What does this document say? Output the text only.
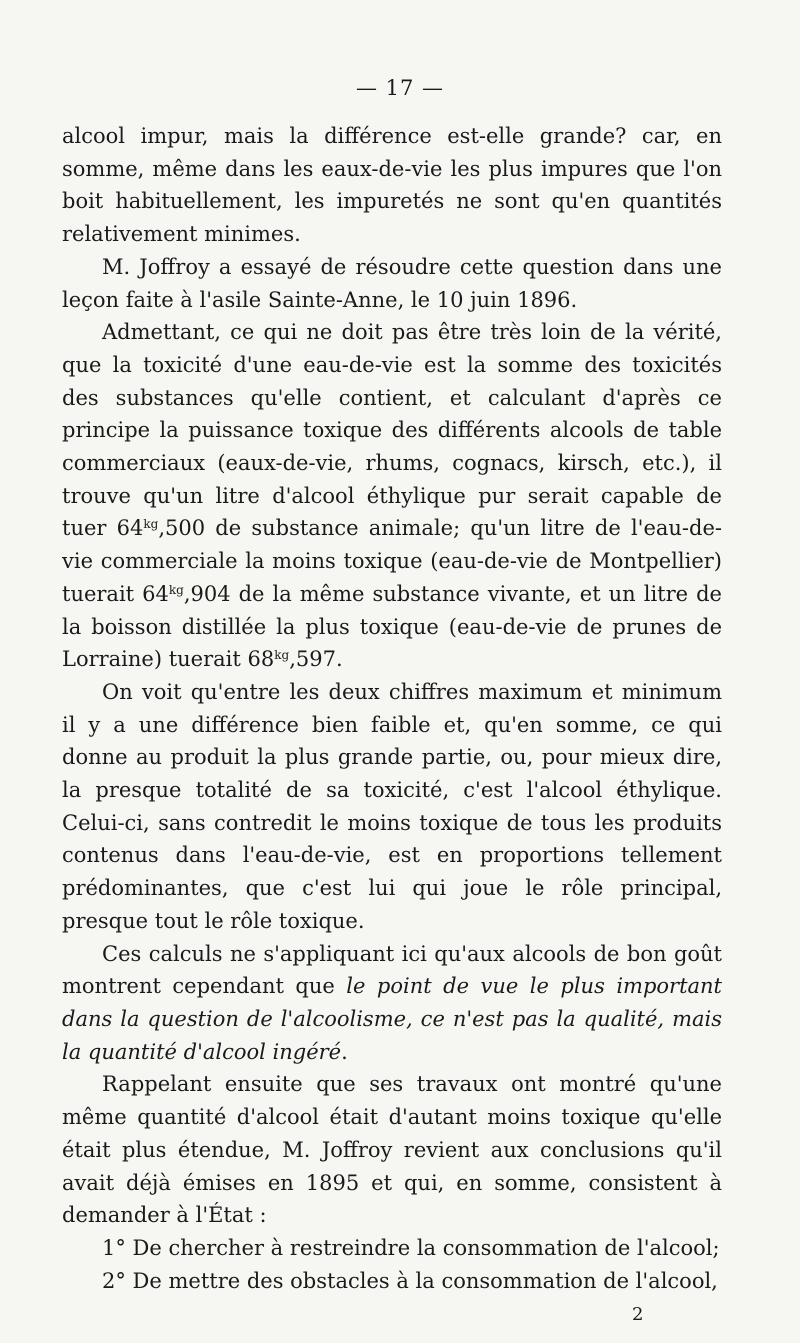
— 17 —

alcool impur, mais la différence est-elle grande? car, en somme, même dans les eaux-de-vie les plus impures que l'on boit habituellement, les impuretés ne sont qu'en quantités relativement minimes.

M. Joffroy a essayé de résoudre cette question dans une leçon faite à l'asile Sainte-Anne, le 10 juin 1896.

Admettant, ce qui ne doit pas être très loin de la vérité, que la toxicité d'une eau-de-vie est la somme des toxicités des substances qu'elle contient, et calculant d'après ce principe la puissance toxique des différents alcools de table commerciaux (eaux-de-vie, rhums, cognacs, kirsch, etc.), il trouve qu'un litre d'alcool éthylique pur serait capable de tuer $64^{kg},500$ de substance animale; qu'un litre de l'eau-de-vie commerciale la moins toxique (eau-de-vie de Montpellier) tuerait $64^{kg},904$ de la même substance vivante, et un litre de la boisson distillée la plus toxique (eau-de-vie de prunes de Lorraine) tuerait $68^{kg},597$.

On voit qu'entre les deux chiffres maximum et minimum il y a une différence bien faible et, qu'en somme, ce qui donne au produit la plus grande partie, ou, pour mieux dire, la presque totalité de sa toxicité, c'est l'alcool éthylique. Celui-ci, sans contredit le moins toxique de tous les produits contenus dans l'eau-de-vie, est en proportions tellement prédominantes, que c'est lui qui joue le rôle principal, presque tout le rôle toxique.

Ces calculs ne s'appliquant ici qu'aux alcools de bon goût montrent cependant que le point de vue le plus important dans la question de l'alcoolisme, ce n'est pas la qualité, mais la quantité d'alcool ingéré.

Rappelant ensuite que ses travaux ont montré qu'une même quantité d'alcool était d'autant moins toxique qu'elle était plus étendue, M. Joffroy revient aux conclusions qu'il avait déjà émises en 1895 et qui, en somme, consistent à demander à l'État :

1° De chercher à restreindre la consommation de l'alcool;

2° De mettre des obstacles à la consommation de l'alcool,

2
